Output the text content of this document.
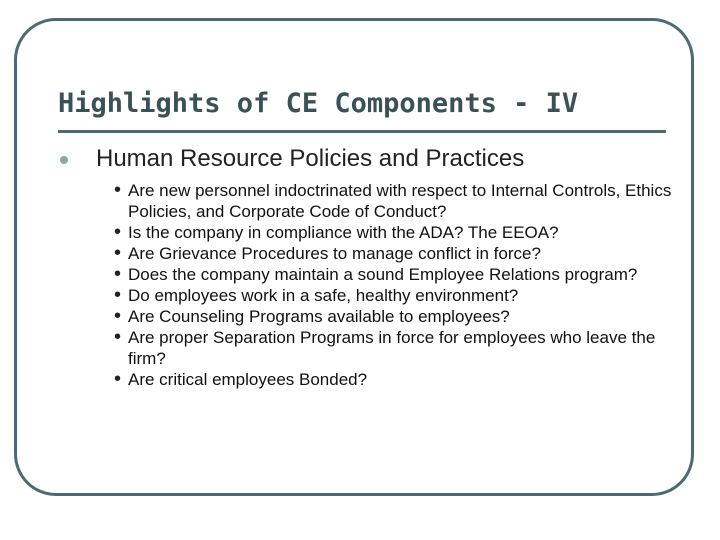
Highlights of CE Components - IV
Human Resource Policies and Practices
• Are new personnel indoctrinated with respect to Internal Controls, Ethics Policies, and Corporate Code of Conduct?
• Is the company in compliance with the ADA? The EEOA?
• Are Grievance Procedures to manage conflict in force?
• Does the company maintain a sound Employee Relations program?
• Do employees work in a safe, healthy environment?
• Are Counseling Programs available to employees?
• Are proper Separation Programs in force for employees who leave the firm?
• Are critical employees Bonded?
